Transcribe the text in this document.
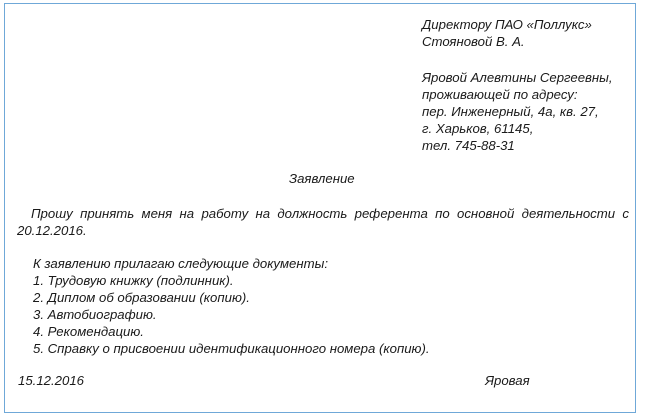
Директору ПАО «Поллукс»
Стояновой В. А.
Яровой Алевтины Сергеевны,
проживающей по адресу:
пер. Инженерный, 4а, кв. 27,
г. Харьков, 61145,
тел. 745-88-31
Заявление
Прошу принять меня на работу на должность референта по основной деятельности с 20.12.2016.
К заявлению прилагаю следующие документы:
1. Трудовую книжку (подлинник).
2. Диплом об образовании (копию).
3. Автобиографию.
4. Рекомендацию.
5. Справку о присвоении идентификационного номера (копию).
15.12.2016	Яровая
